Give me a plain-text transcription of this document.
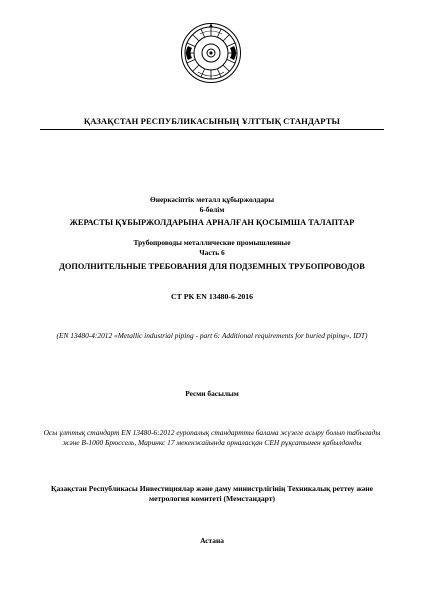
ҚАЗАҚСТАН РЕСПУБЛИКАСЫНЫҢ ҰЛТТЫҚ СТАНДАРТЫ
Өнеркәсіптік металл құбыржолдары
6-бөлім
ЖЕРАСТЫ ҚҰБЫРЖОЛДАРЫНА АРНАЛҒАН ҚОСЫМША ТАЛАПТАР
Трубопроводы металлические промышленные
Часть 6
ДОПОЛНИТЕЛЬНЫЕ ТРЕБОВАНИЯ ДЛЯ ПОДЗЕМНЫХ ТРУБОПРОВОДОВ
СТ РК EN 13480-6-2016
(EN 13480-4:2012 «Metallic industrial piping - part 6: Additional requirements for buried piping», IDT)
Ресми басылым
Осы ұлттық стандарт EN 13480-6:2012 еуропалық стандартты балама жүзеге асыру болып табылады және B-1000 Брюссель, Маринкс 17 мекенжайында орналасқан СЕН рұқсатымен қабылданды
Қазақстан Республикасы Инвестициялар және даму министрлігінің Техникалық реттеу және метрология комитеті (Мемстандарт)
Астана
